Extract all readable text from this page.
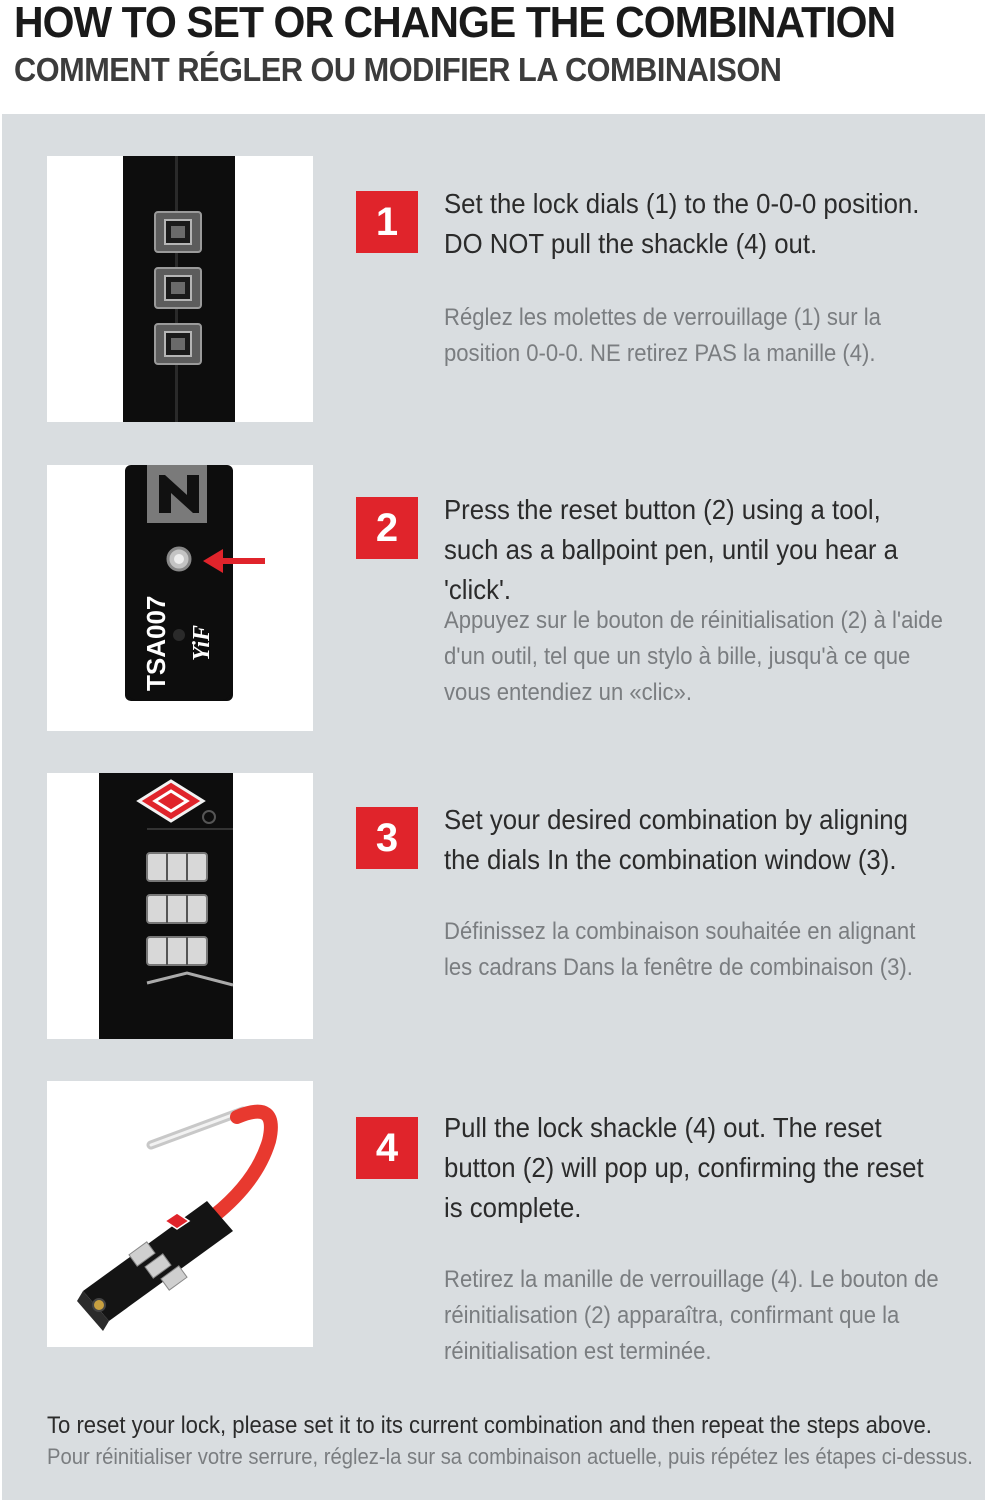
HOW TO SET OR CHANGE THE COMBINATION
COMMENT RÉGLER OU MODIFIER LA COMBINAISON
1	Set the lock dials (1) to the 0-0-0 position. DO NOT pull the shackle (4) out.
Réglez les molettes de verrouillage (1) sur la position 0-0-0. NE retirez PAS la manille (4).
TSA007 YiF
2	Press the reset button (2) using a tool, such as a ballpoint pen, until you hear a 'click'.
Appuyez sur le bouton de réinitialisation (2) à l'aide d'un outil, tel que un stylo à bille, jusqu'à ce que vous entendiez un «clic».
3	Set your desired combination by aligning the dials In the combination window (3).
Définissez la combinaison souhaitée en alignant les cadrans Dans la fenêtre de combinaison (3).
4	Pull the lock shackle (4) out. The reset button (2) will pop up, confirming the reset is complete.
Retirez la manille de verrouillage (4). Le bouton de réinitialisation (2) apparaîtra, confirmant que la réinitialisation est terminée.
To reset your lock, please set it to its current combination and then repeat the steps above.
Pour réinitialiser votre serrure, réglez-la sur sa combinaison actuelle, puis répétez les étapes ci-dessus.
